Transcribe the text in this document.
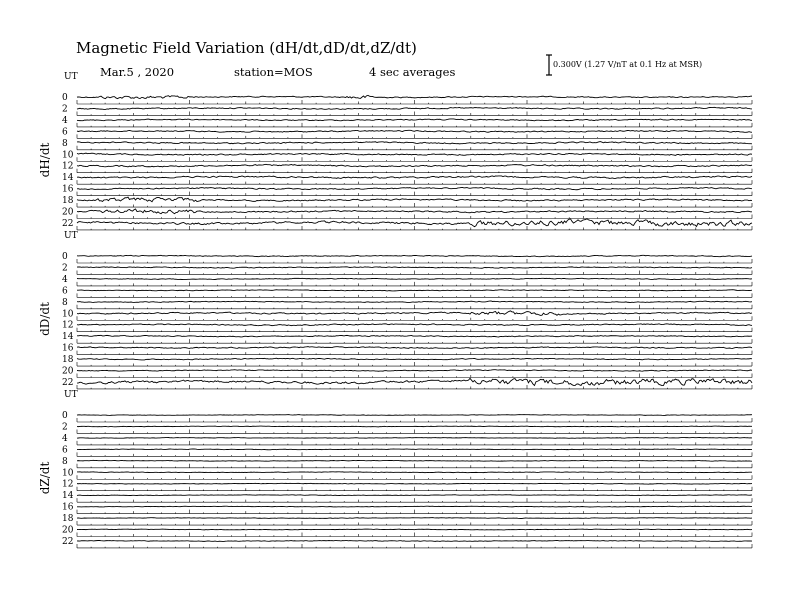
Magnetic Field Variation (dH/dt,dD/dt,dZ/dt)
Mar.5 , 2020	station=MOS	4 sec averages
0.300V (1.27 V/nT at 0.1 Hz at MSR)
UT
dH/dt
0
2
4
6
8
10
12
14
16
18
20
22
UT
dD/dt
0
2
4
6
8
10
12
14
16
18
20
22
UT
dZ/dt
0
2
4
6
8
10
12
14
16
18
20
22
